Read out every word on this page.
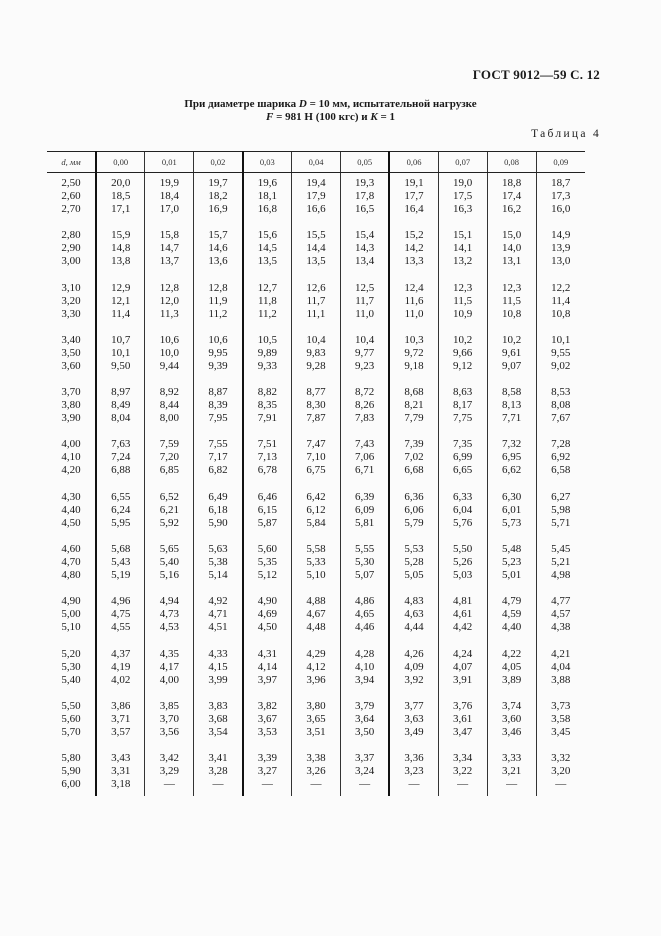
ГОСТ 9012—59 С. 12
При диаметре шарика D = 10 мм, испытательной нагрузке
F = 981 Н (100 кгс) и K = 1
Таблица 4
d, мм	0,00	0,01	0,02	0,03	0,04	0,05	0,06	0,07	0,08	0,09
2,50	20,0	19,9	19,7	19,6	19,4	19,3	19,1	19,0	18,8	18,7
2,60	18,5	18,4	18,2	18,1	17,9	17,8	17,7	17,5	17,4	17,3
2,70	17,1	17,0	16,9	16,8	16,6	16,5	16,4	16,3	16,2	16,0

2,80	15,9	15,8	15,7	15,6	15,5	15,4	15,2	15,1	15,0	14,9
2,90	14,8	14,7	14,6	14,5	14,4	14,3	14,2	14,1	14,0	13,9
3,00	13,8	13,7	13,6	13,5	13,5	13,4	13,3	13,2	13,1	13,0

3,10	12,9	12,8	12,8	12,7	12,6	12,5	12,4	12,3	12,3	12,2
3,20	12,1	12,0	11,9	11,8	11,7	11,7	11,6	11,5	11,5	11,4
3,30	11,4	11,3	11,2	11,2	11,1	11,0	11,0	10,9	10,8	10,8

3,40	10,7	10,6	10,6	10,5	10,4	10,4	10,3	10,2	10,2	10,1
3,50	10,1	10,0	9,95	9,89	9,83	9,77	9,72	9,66	9,61	9,55
3,60	9,50	9,44	9,39	9,33	9,28	9,23	9,18	9,12	9,07	9,02

3,70	8,97	8,92	8,87	8,82	8,77	8,72	8,68	8,63	8,58	8,53
3,80	8,49	8,44	8,39	8,35	8,30	8,26	8,21	8,17	8,13	8,08
3,90	8,04	8,00	7,95	7,91	7,87	7,83	7,79	7,75	7,71	7,67

4,00	7,63	7,59	7,55	7,51	7,47	7,43	7,39	7,35	7,32	7,28
4,10	7,24	7,20	7,17	7,13	7,10	7,06	7,02	6,99	6,95	6,92
4,20	6,88	6,85	6,82	6,78	6,75	6,71	6,68	6,65	6,62	6,58

4,30	6,55	6,52	6,49	6,46	6,42	6,39	6,36	6,33	6,30	6,27
4,40	6,24	6,21	6,18	6,15	6,12	6,09	6,06	6,04	6,01	5,98
4,50	5,95	5,92	5,90	5,87	5,84	5,81	5,79	5,76	5,73	5,71

4,60	5,68	5,65	5,63	5,60	5,58	5,55	5,53	5,50	5,48	5,45
4,70	5,43	5,40	5,38	5,35	5,33	5,30	5,28	5,26	5,23	5,21
4,80	5,19	5,16	5,14	5,12	5,10	5,07	5,05	5,03	5,01	4,98

4,90	4,96	4,94	4,92	4,90	4,88	4,86	4,83	4,81	4,79	4,77
5,00	4,75	4,73	4,71	4,69	4,67	4,65	4,63	4,61	4,59	4,57
5,10	4,55	4,53	4,51	4,50	4,48	4,46	4,44	4,42	4,40	4,38

5,20	4,37	4,35	4,33	4,31	4,29	4,28	4,26	4,24	4,22	4,21
5,30	4,19	4,17	4,15	4,14	4,12	4,10	4,09	4,07	4,05	4,04
5,40	4,02	4,00	3,99	3,97	3,96	3,94	3,92	3,91	3,89	3,88

5,50	3,86	3,85	3,83	3,82	3,80	3,79	3,77	3,76	3,74	3,73
5,60	3,71	3,70	3,68	3,67	3,65	3,64	3,63	3,61	3,60	3,58
5,70	3,57	3,56	3,54	3,53	3,51	3,50	3,49	3,47	3,46	3,45

5,80	3,43	3,42	3,41	3,39	3,38	3,37	3,36	3,34	3,33	3,32
5,90	3,31	3,29	3,28	3,27	3,26	3,24	3,23	3,22	3,21	3,20
6,00	3,18	—	—	—	—	—	—	—	—	—
